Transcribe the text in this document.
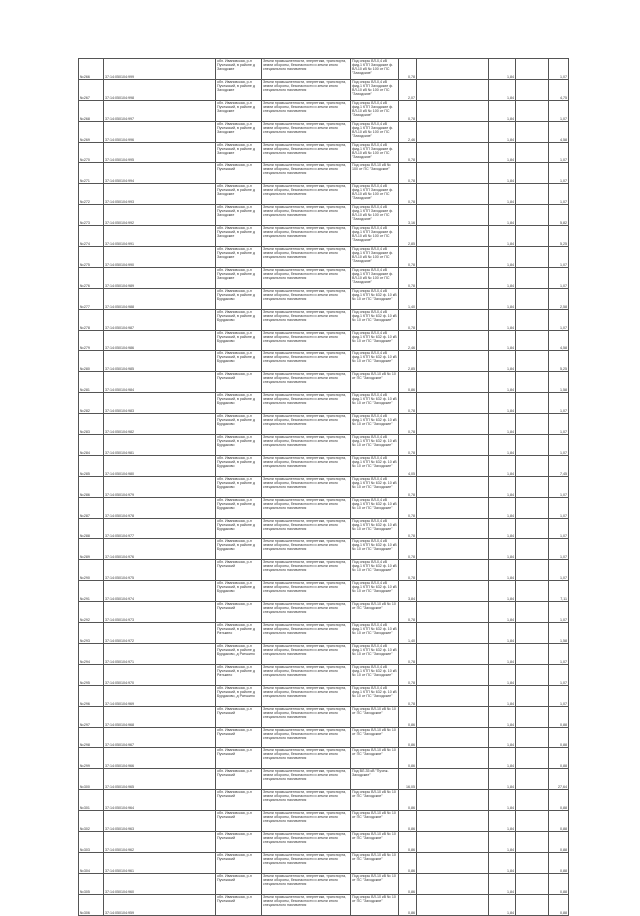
№266	37:14:050104:999	обл. Ивановская, р-н Пучежский, в районе д Заходские	Земли промышленности, энергетики, транспорта, земли обороны, безопасности и земли иного специального назначения	Под опоры ВЛ-0,4 кВ фид.1 КТП Заходские ф. ВЛ-10 кВ № 100 от ПС "Заходские"	0,78		1,84		1,07
№267	37:14:050104:998	обл. Ивановская, р-н Пучежский, в районе д Заходские	Земли промышленности, энергетики, транспорта, земли обороны, безопасности и земли иного специального назначения	Под опоры ВЛ-0,4 кВ фид.1 КТП Заходские ф. ВЛ-10 кВ № 100 от ПС "Заходские"	2,07		1,84		4,75
№268	37:14:050104:997	обл. Ивановская, р-н Пучежский, в районе д Заходские	Земли промышленности, энергетики, транспорта, земли обороны, безопасности и земли иного специального назначения	Под опоры ВЛ-0,4 кВ фид.1 КТП Заходские ф. ВЛ-10 кВ № 100 от ПС "Заходские"	0,78		1,84		1,07
№269	37:14:050104:996	обл. Ивановская, р-н Пучежский, в районе д Заходские	Земли промышленности, энергетики, транспорта, земли обороны, безопасности и земли иного специального назначения	Под опоры ВЛ-0,4 кВ фид.1 КТП Заходские ф. ВЛ-10 кВ № 100 от ПС "Заходские"	2,46		1,84		4,58
№270	37:14:050104:995	обл. Ивановская, р-н Пучежский, в районе д Заходские	Земли промышленности, энергетики, транспорта, земли обороны, безопасности и земли иного специального назначения	Под опоры ВЛ-0,4 кВ фид.1 КТП Заходские ф. ВЛ-10 кВ № 100 от ПС "Заходские"	0,78		1,84		1,07
№271	37:14:050104:994	обл. Ивановская, р-н Пучежский	Земли промышленности, энергетики, транспорта, земли обороны, безопасности и земли иного специального назначения	Под опоры ВЛ-10 кВ № 100 от ПС "Заходские"	0,78		1,84		1,07
№272	37:14:050104:993	обл. Ивановская, р-н Пучежский, в районе д Заходские	Земли промышленности, энергетики, транспорта, земли обороны, безопасности и земли иного специального назначения	Под опоры ВЛ-0,4 кВ фид.1 КТП Заходские ф. ВЛ-10 кВ № 100 от ПС "Заходские"	0,78		1,84		1,07
№273	37:14:050104:992	обл. Ивановская, р-н Пучежский, в районе д Заходские	Земли промышленности, энергетики, транспорта, земли обороны, безопасности и земли иного специального назначения	Под опоры ВЛ-0,4 кВ фид.1 КТП Заходские ф. ВЛ-10 кВ № 100 от ПС "Заходские"	3,16		1,84		5,82
№274	37:14:050104:991	обл. Ивановская, р-н Пучежский, в районе д Заходские	Земли промышленности, энергетики, транспорта, земли обороны, безопасности и земли иного специального назначения	Под опоры ВЛ-0,4 кВ фид.1 КТП Заходские ф. ВЛ-10 кВ № 100 от ПС "Заходские"	2,85		1,84		5,25
№275	37:14:050104:990	обл. Ивановская, р-н Пучежский, в районе д Заходские	Земли промышленности, энергетики, транспорта, земли обороны, безопасности и земли иного специального назначения	Под опоры ВЛ-0,4 кВ фид.1 КТП Заходские ф. ВЛ-10 кВ № 100 от ПС "Заходские"	0,78		1,84		1,07
№276	37:14:050104:989	обл. Ивановская, р-н Пучежский, в районе д Заходские	Земли промышленности, энергетики, транспорта, земли обороны, безопасности и земли иного специального назначения	Под опоры ВЛ-0,4 кВ фид.1 КТП Заходские ф. ВЛ-10 кВ № 100 от ПС "Заходские"	0,78		1,84		1,07
№277	37:14:050104:988	обл. Ивановская, р-н Пучежский, в районе д Бурдаково	Земли промышленности, энергетики, транспорта, земли обороны, безопасности и земли иного специального назначения	Под опоры ВЛ-0,4 кВ фид.1 КТП № 632 ф. 10 кВ № 10 от ПС "Заходские"	1,40		1,84		2,58
№278	37:14:050104:987	обл. Ивановская, р-н Пучежский, в районе д Бурдаково	Земли промышленности, энергетики, транспорта, земли обороны, безопасности и земли иного специального назначения	Под опоры ВЛ-0,4 кВ фид.1 КТП № 632 ф. 10 кВ № 10 от ПС "Заходские"	0,78		1,84		1,07
№279	37:14:050104:986	обл. Ивановская, р-н Пучежский, в районе д Бурдаково	Земли промышленности, энергетики, транспорта, земли обороны, безопасности и земли иного специального назначения	Под опоры ВЛ-0,4 кВ фид.1 КТП № 632 ф. 10 кВ № 10 от ПС "Заходские"	2,46		1,84		4,58
№280	37:14:050104:985	обл. Ивановская, р-н Пучежский, в районе д Бурдаково	Земли промышленности, энергетики, транспорта, земли обороны, безопасности и земли иного специального назначения	Под опоры ВЛ-0,4 кВ фид.1 КТП № 632 ф. 10 кВ № 10 от ПС "Заходские"	2,85		1,84		5,25
№281	37:14:050104:984	обл. Ивановская, р-н Пучежский	Земли промышленности, энергетики, транспорта, земли обороны, безопасности и земли иного специального назначения	Под опоры ВЛ-10 кВ № 10 от ПС "Заходские"	0,86		1,84		1,58
№282	37:14:050104:983	обл. Ивановская, р-н Пучежский, в районе д Бурдаково	Земли промышленности, энергетики, транспорта, земли обороны, безопасности и земли иного специального назначения	Под опоры ВЛ-0,4 кВ фид.1 КТП № 632 ф. 10 кВ № 10 от ПС "Заходские"	0,78		1,84		1,07
№283	37:14:050104:982	обл. Ивановская, р-н Пучежский, в районе д Бурдаково	Земли промышленности, энергетики, транспорта, земли обороны, безопасности и земли иного специального назначения	Под опоры ВЛ-0,4 кВ фид.1 КТП № 632 ф. 10 кВ № 10 от ПС "Заходские"	0,78		1,84		1,07
№284	37:14:050104:981	обл. Ивановская, р-н Пучежский, в районе д Бурдаково	Земли промышленности, энергетики, транспорта, земли обороны, безопасности и земли иного специального назначения	Под опоры ВЛ-0,4 кВ фид.1 КТП № 632 ф. 10 кВ № 10 от ПС "Заходские"	0,78		1,84		1,07
№285	37:14:050104:980	обл. Ивановская, р-н Пучежский, в районе д Бурдаково	Земли промышленности, энергетики, транспорта, земли обороны, безопасности и земли иного специального назначения	Под опоры ВЛ-0,4 кВ фид.1 КТП № 632 ф. 10 кВ № 10 от ПС "Заходские"	4,05		1,84		7,45
№286	37:14:050104:979	обл. Ивановская, р-н Пучежский, в районе д Бурдаково	Земли промышленности, энергетики, транспорта, земли обороны, безопасности и земли иного специального назначения	Под опоры ВЛ-0,4 кВ фид.1 КТП № 632 ф. 10 кВ № 10 от ПС "Заходские"	0,78		1,84		1,07
№287	37:14:050104:978	обл. Ивановская, р-н Пучежский, в районе д Бурдаково	Земли промышленности, энергетики, транспорта, земли обороны, безопасности и земли иного специального назначения	Под опоры ВЛ-0,4 кВ фид.1 КТП № 632 ф. 10 кВ № 10 от ПС "Заходские"	0,78		1,84		1,07
№288	37:14:050104:977	обл. Ивановская, р-н Пучежский, в районе д Бурдаково	Земли промышленности, энергетики, транспорта, земли обороны, безопасности и земли иного специального назначения	Под опоры ВЛ-0,4 кВ фид.1 КТП № 632 ф. 10 кВ № 10 от ПС "Заходские"	0,78		1,84		1,07
№289	37:14:050104:976	обл. Ивановская, р-н Пучежский, в районе д Бурдаково	Земли промышленности, энергетики, транспорта, земли обороны, безопасности и земли иного специального назначения	Под опоры ВЛ-0,4 кВ фид.1 КТП № 632 ф. 10 кВ № 10 от ПС "Заходские"	0,78		1,84		1,07
№290	37:14:050104:975	обл. Ивановская, р-н Пучежский	Земли промышленности, энергетики, транспорта, земли обороны, безопасности и земли иного специального назначения	Под опоры ВЛ-0,4 кВ фид.1 КТП № 632 ф. 10 кВ № 10 от ПС "Заходские"	0,78		1,84		1,07
№291	37:14:050104:974	обл. Ивановская, р-н Пучежский, в районе д Бурдаково	Земли промышленности, энергетики, транспорта, земли обороны, безопасности и земли иного специального назначения	Под опоры ВЛ-0,4 кВ фид.1 КТП № 632 ф. 10 кВ № 10 от ПС "Заходские"	3,84		1,84		7,11
№292	37:14:050104:973	обл. Ивановская, р-н Пучежский	Земли промышленности, энергетики, транспорта, земли обороны, безопасности и земли иного специального назначения	Под опоры ВЛ-10 кВ № 10 от ПС "Заходские"	0,78		1,84		1,07
№293	37:14:050104:972	обл. Ивановская, р-н Пучежский, в районе д Ратькино	Земли промышленности, энергетики, транспорта, земли обороны, безопасности и земли иного специального назначения	Под опоры ВЛ-0,4 кВ фид.1 КТП № 632 ф. 10 кВ № 10 от ПС "Заходские"	1,40		1,84		1,58
№294	37:14:050104:971	обл. Ивановская, р-н Пучежский, в районе д Бурдаково, д Ратькино	Земли промышленности, энергетики, транспорта, земли обороны, безопасности и земли иного специального назначения	Под опоры ВЛ-0,4 кВ фид.1 КТП № 632 ф. 10 кВ № 10 от ПС "Заходские"	0,78		1,84		1,07
№295	37:14:050104:970	обл. Ивановская, р-н Пучежский, в районе д Ратькино	Земли промышленности, энергетики, транспорта, земли обороны, безопасности и земли иного специального назначения	Под опоры ВЛ-0,4 кВ фид.1 КТП № 632 ф. 10 кВ № 10 от ПС "Заходские"	0,78		1,84		1,07
№296	37:14:050104:969	обл. Ивановская, р-н Пучежский, в районе д Бурдаково, д Ратькино	Земли промышленности, энергетики, транспорта, земли обороны, безопасности и земли иного специального назначения	Под опоры ВЛ-0,4 кВ фид.1 КТП № 632 ф. 10 кВ № 10 от ПС "Заходские"	0,78		1,84		1,07
№297	37:14:050104:968	обл. Ивановская, р-н Пучежский	Земли промышленности, энергетики, транспорта, земли обороны, безопасности и земли иного специального назначения	Под опоры ВЛ-10 кВ № 10 от ПС "Заходские"	0,86		1,84		0,88
№298	37:14:050104:967	обл. Ивановская, р-н Пучежский	Земли промышленности, энергетики, транспорта, земли обороны, безопасности и земли иного специального назначения	Под опоры ВЛ-10 кВ № 10 от ПС "Заходские"	0,86		1,84		0,88
№299	37:14:050104:966	обл. Ивановская, р-н Пучежский	Земли промышленности, энергетики, транспорта, земли обороны, безопасности и земли иного специального назначения	Под опоры ВЛ-10 кВ № 10 от ПС "Заходские"	0,86		1,84		0,88
№300	37:14:050104:965	обл. Ивановская, р-н Пучежский	Земли промышленности, энергетики, транспорта, земли обороны, безопасности и земли иного специального назначения	Под ВЛ-35 кВ "Пучеж-Заходские"	16,05		1,84		27,64
№301	37:14:050104:964	обл. Ивановская, р-н Пучежский	Земли промышленности, энергетики, транспорта, земли обороны, безопасности и земли иного специального назначения	Под опоры ВЛ-10 кВ № 10 от ПС "Заходские"	0,86		1,84		0,88
№302	37:14:050104:963	обл. Ивановская, р-н Пучежский	Земли промышленности, энергетики, транспорта, земли обороны, безопасности и земли иного специального назначения	Под опоры ВЛ-10 кВ № 10 от ПС "Заходские"	0,86		1,84		0,88
№303	37:14:050104:962	обл. Ивановская, р-н Пучежский	Земли промышленности, энергетики, транспорта, земли обороны, безопасности и земли иного специального назначения	Под опоры ВЛ-10 кВ № 10 от ПС "Заходские"	0,86		1,84		0,88
№304	37:14:050104:961	обл. Ивановская, р-н Пучежский	Земли промышленности, энергетики, транспорта, земли обороны, безопасности и земли иного специального назначения	Под опоры ВЛ-10 кВ № 10 от ПС "Заходские"	0,86		1,84		0,88
№305	37:14:050104:960	обл. Ивановская, р-н Пучежский	Земли промышленности, энергетики, транспорта, земли обороны, безопасности и земли иного специального назначения	Под опоры ВЛ-10 кВ № 10 от ПС "Заходские"	0,86		1,84		0,88
№306	37:14:050104:959	обл. Ивановская, р-н Пучежский	Земли промышленности, энергетики, транспорта, земли обороны, безопасности и земли иного специального назначения	Под опоры ВЛ-10 кВ № 10 от ПС "Заходские"	0,86		1,84		0,88
